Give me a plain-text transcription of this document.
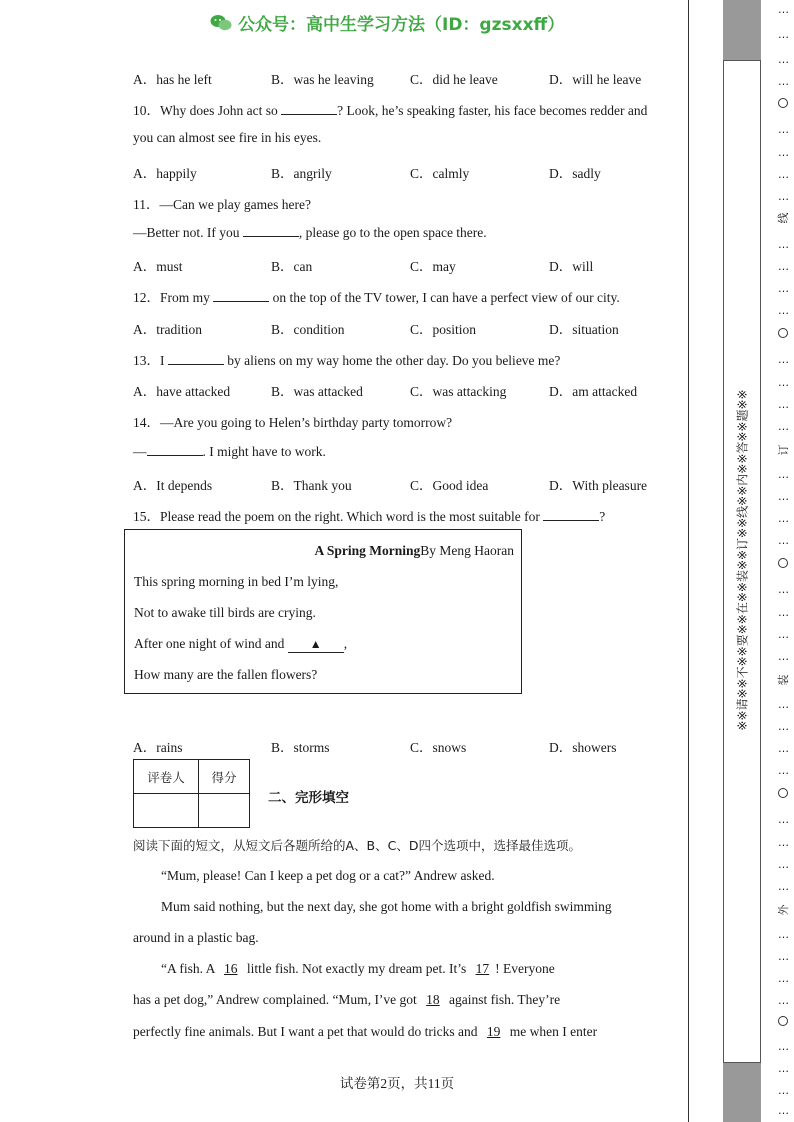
公众号：高中生学习方法（ID：gzsxxff）
A．has he left	B．was he leaving	C．did he leave	D．will he leave
10．Why does John act so	? Look, he’s speaking faster, his face becomes redder and
you can almost see fire in his eyes.
A．happily	B．angrily	C．calmly	D．sadly
11．—Can we play games here?
—Better not. If you	, please go to the open space there.
A．must	B．can	C．may	D．will
12．From my	on the top of the TV tower, I can have a perfect view of our city.
A．tradition	B．condition	C．position	D．situation
13．I	by aliens on my way home the other day. Do you believe me?
A．have attacked	B．was attacked	C．was attacking	D．am attacked
14．—Are you going to Helen’s birthday party tomorrow?
—	. I might have to work.
A．It depends	B．Thank you	C．Good idea	D．With pleasure
15．Please read the poem on the right. Which word is the most suitable for	?
A．rains	B．storms	C．snows	D．showers
阅读下面的短文，从短文后各题所给的A、B、C、D四个选项中，选择最佳选项。
“Mum, please! Can I keep a pet dog or a cat?” Andrew asked.
Mum said nothing, but the next day, she got home with a bright goldfish swimming
around in a plastic bag.
“A fish. A 16 little fish. Not exactly my dream pet. It’s 17 ! Everyone
has a pet dog,” Andrew complained. “Mum, I’ve got 18 against fish. They’re
perfectly fine animals. But I want a pet that would do tricks and 19 me when I enter
A Spring MorningBy Meng Haoran
This spring morning in bed I’m lying,
Not to awake till birds are crying.
After one night of wind and ▲ ,
How many are the fallen flowers?
评卷人	得分

二、完形填空
试卷第2页，共11页
※※请※※不※※要※※在※※装※※订※※线※※内※※答※※题※※
…
…
…
…
…
…
…
…
线
…
…
…
…
…
…
…
…
订
…
…
…
…
…
…
…
…
装
…
…
…
…
…
…
…
…
外
…
…
…
…
…
…
…
…
